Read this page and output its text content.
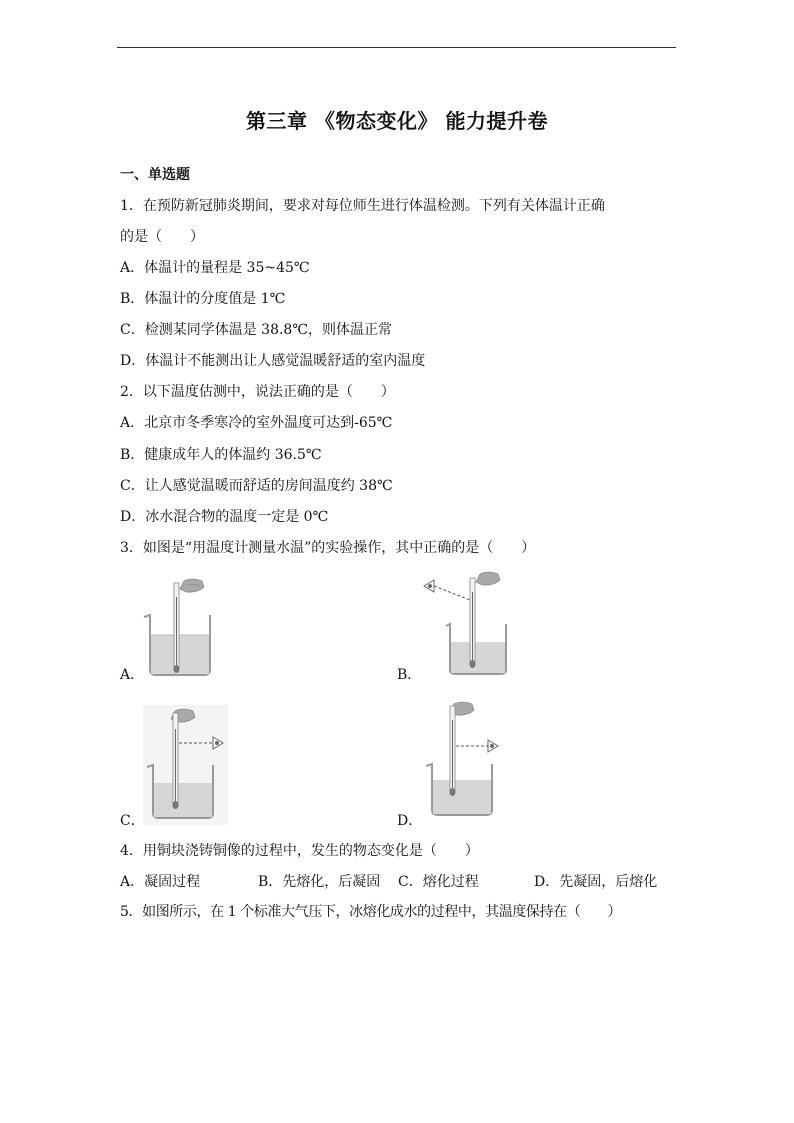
第三章 《物态变化》 能力提升卷
一、单选题
1．在预防新冠肺炎期间，要求对每位师生进行体温检测。下列有关体温计正确
的是（　　）
A．体温计的量程是 35~45℃
B．体温计的分度值是 1℃
C．检测某同学体温是 38.8℃，则体温正常
D．体温计不能测出让人感觉温暖舒适的室内温度
2．以下温度估测中，说法正确的是（　　）
A．北京市冬季寒冷的室外温度可达到-65℃
B．健康成年人的体温约 36.5℃
C．让人感觉温暖而舒适的房间温度约 38℃
D．冰水混合物的温度一定是 0℃
3．如图是“用温度计测量水温”的实验操作，其中正确的是（　　）
A．	B．
C．	D．
4．用铜块浇铸铜像的过程中，发生的物态变化是（　　）
A．凝固过程	B．先熔化，后凝固 C．熔化过程	D．先凝固，后熔化
5．如图所示，在 1 个标准大气压下，冰熔化成水的过程中，其温度保持在（　　）
